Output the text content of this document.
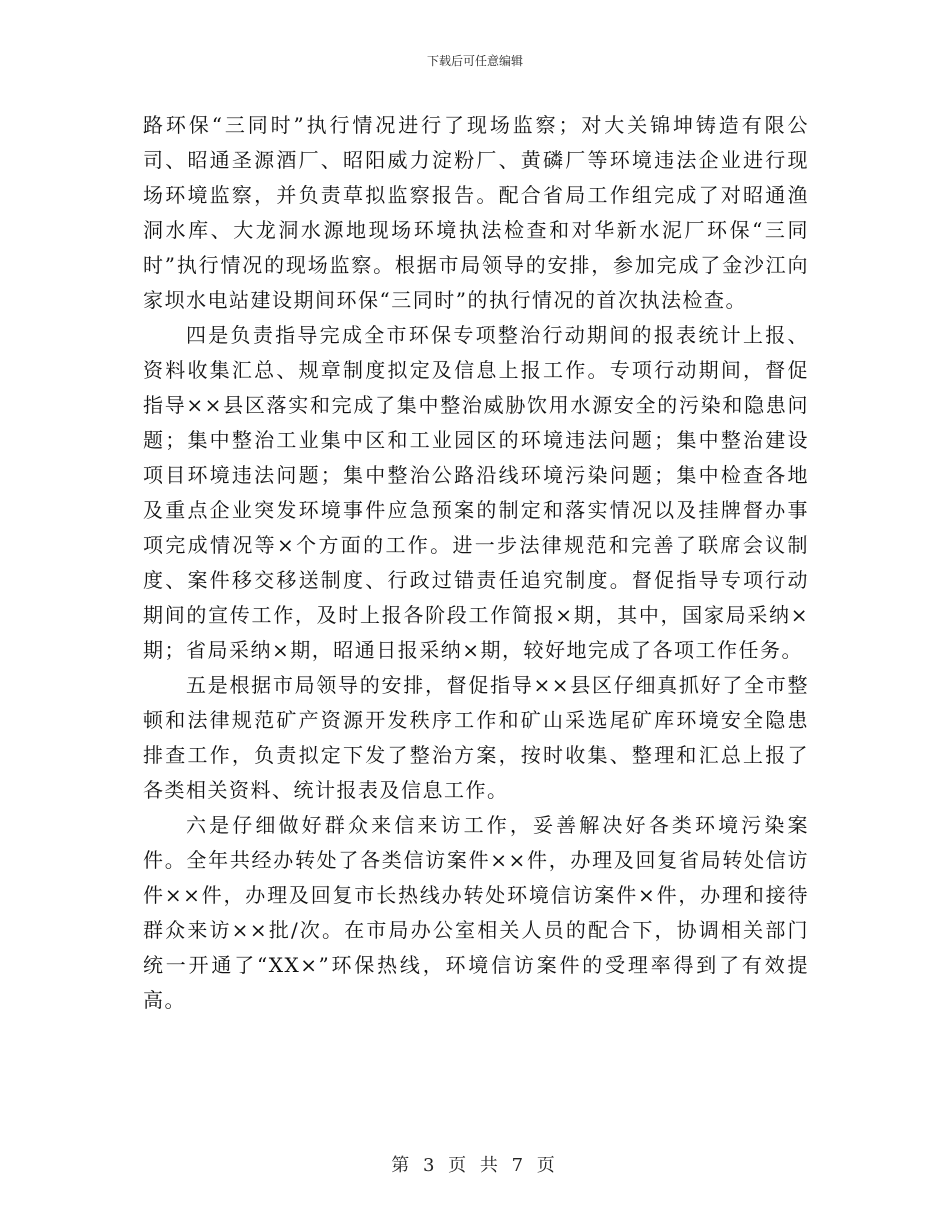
下载后可任意编辑

路环保“三同时”执行情况进行了现场监察；对大关锦坤铸造有限公司、昭通圣源酒厂、昭阳威力淀粉厂、黄磷厂等环境违法企业进行现场环境监察，并负责草拟监察报告。配合省局工作组完成了对昭通渔洞水库、大龙洞水源地现场环境执法检查和对华新水泥厂环保“三同时”执行情况的现场监察。根据市局领导的安排，参加完成了金沙江向家坝水电站建设期间环保“三同时”的执行情况的首次执法检查。

四是负责指导完成全市环保专项整治行动期间的报表统计上报、资料收集汇总、规章制度拟定及信息上报工作。专项行动期间，督促指导××县区落实和完成了集中整治威胁饮用水源安全的污染和隐患问题；集中整治工业集中区和工业园区的环境违法问题；集中整治建设项目环境违法问题；集中整治公路沿线环境污染问题；集中检查各地及重点企业突发环境事件应急预案的制定和落实情况以及挂牌督办事项完成情况等×个方面的工作。进一步法律规范和完善了联席会议制度、案件移交移送制度、行政过错责任追究制度。督促指导专项行动期间的宣传工作，及时上报各阶段工作简报×期，其中，国家局采纳×期；省局采纳×期，昭通日报采纳×期，较好地完成了各项工作任务。

五是根据市局领导的安排，督促指导××县区仔细真抓好了全市整顿和法律规范矿产资源开发秩序工作和矿山采选尾矿库环境安全隐患排查工作，负责拟定下发了整治方案，按时收集、整理和汇总上报了各类相关资料、统计报表及信息工作。

六是仔细做好群众来信来访工作，妥善解决好各类环境污染案件。全年共经办转处了各类信访案件××件，办理及回复省局转处信访件××件，办理及回复市长热线办转处环境信访案件×件，办理和接待群众来访××批/次。在市局办公室相关人员的配合下，协调相关部门统一开通了“XX×”环保热线，环境信访案件的受理率得到了有效提高。

第 3 页 共 7 页
